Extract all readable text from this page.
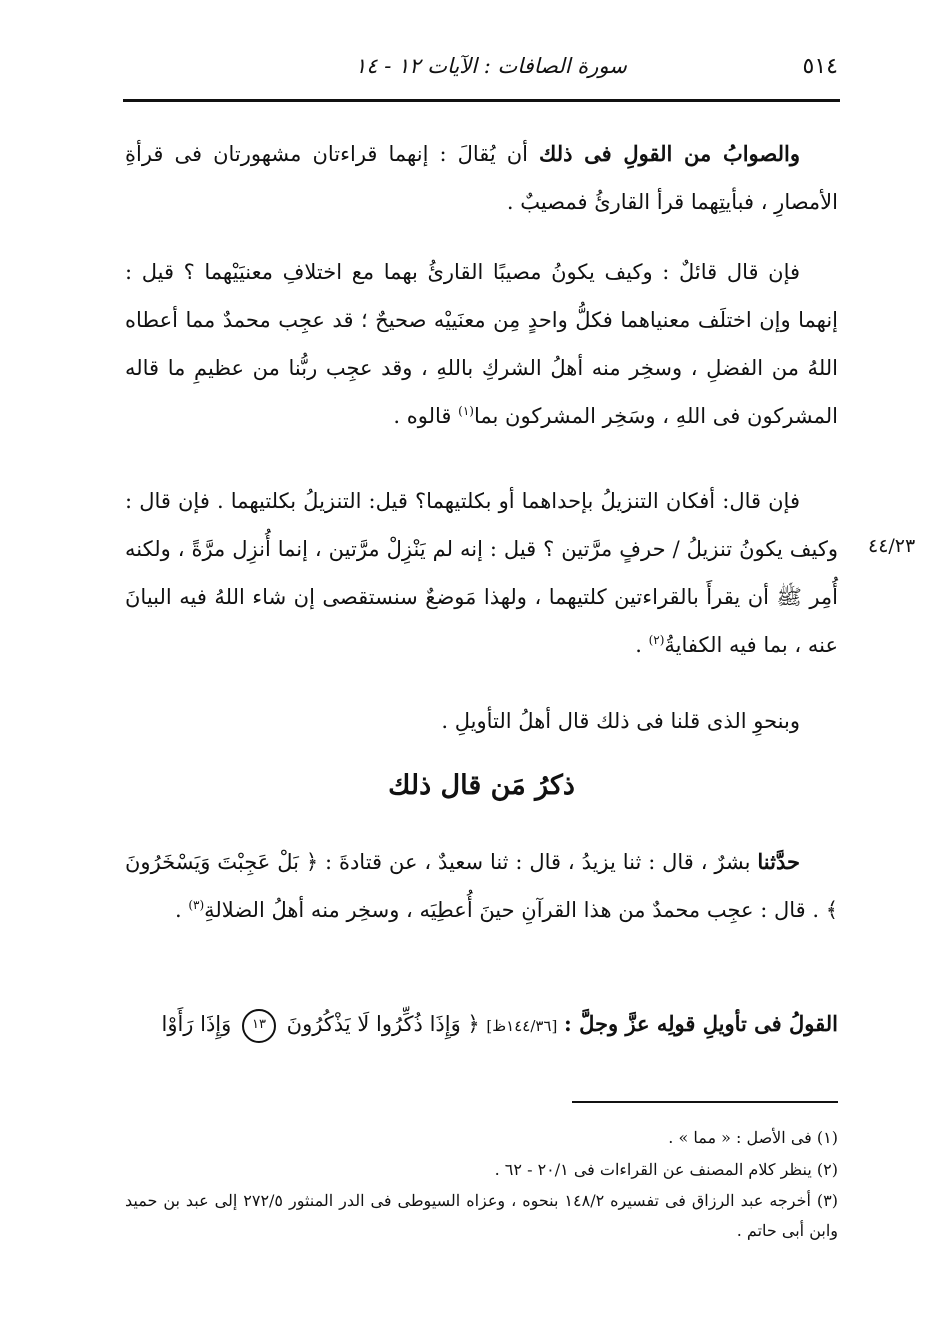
٥١٤
سورة الصافات : الآيات ١٢ - ١٤

والصوابُ من القولِ فى ذلك أن يُقالَ : إنهما قراءتان مشهورتان فى قرأةِ الأمصارِ ، فبأيتِهما قرأ القارئُ فمصيبٌ .

فإن قال قائلٌ : وكيف يكونُ مصيبًا القارئُ بهما مع اختلافِ معنيَيْهما ؟ قيل : إنهما وإن اختلَف معنياهما فكلُّ واحدٍ مِن معنَييْه صحيحٌ ؛ قد عجِب محمدٌ مما أعطاه اللهُ من الفضلِ ، وسخِر منه أهلُ الشركِ باللهِ ، وقد عجِب ربُّنا من عظيمِ ما قاله المشركون فى اللهِ ، وسَخِر المشركون بما$^{(١)}$ قالوه .

فإن قال: أفكان التنزيلُ بإحداهما أو بكلتيهما؟ قيل: التنزيلُ بكلتيهما . فإن قال : وكيف يكونُ تنزيلُ / حرفٍ مرَّتين ؟ قيل : إنه لم يَنْزِلْ مرَّتين ، إنما أُنزِل مرَّةً ، ولكنه أُمِر ﷺ أن يقرأَ بالقراءتين كلتيهما ، ولهذا مَوضعٌ سنستقصى إن شاء اللهُ فيه البيانَ عنه ، بما فيه الكفايةُ$^{(٢)}$ .

٤٤/٢٣

وبنحوِ الذى قلنا فى ذلك قال أهلُ التأويلِ .

ذكرُ مَن قال ذلك

حدَّثنا بشرٌ ، قال : ثنا يزيدُ ، قال : ثنا سعيدٌ ، عن قتادةَ : ﴿ بَلْ عَجِبْتَ وَيَسْخَرُونَ ﴾ . قال : عجِب محمدٌ من هذا القرآنِ حينَ أُعطِيَه ، وسخِر منه أهلُ الضلالةِ$^{(٣)}$ .

القولُ فى تأويلِ قولِه عزَّ وجلَّ : [١٤٤/٣٦ظ] ﴿ وَإِذَا ذُكِّرُوا لَا يَذْكُرُونَ ١٣ وَإِذَا رَأَوْا
(١) فى الأصل : « مما » .
(٢) ينظر كلام المصنف عن القراءات فى ٢٠/١ - ٦٢ .
(٣) أخرجه عبد الرزاق فى تفسيره ١٤٨/٢ بنحوه ، وعزاه السيوطى فى الدر المنثور ٢٧٢/٥ إلى عبد بن حميد وابن أبى حاتم .
